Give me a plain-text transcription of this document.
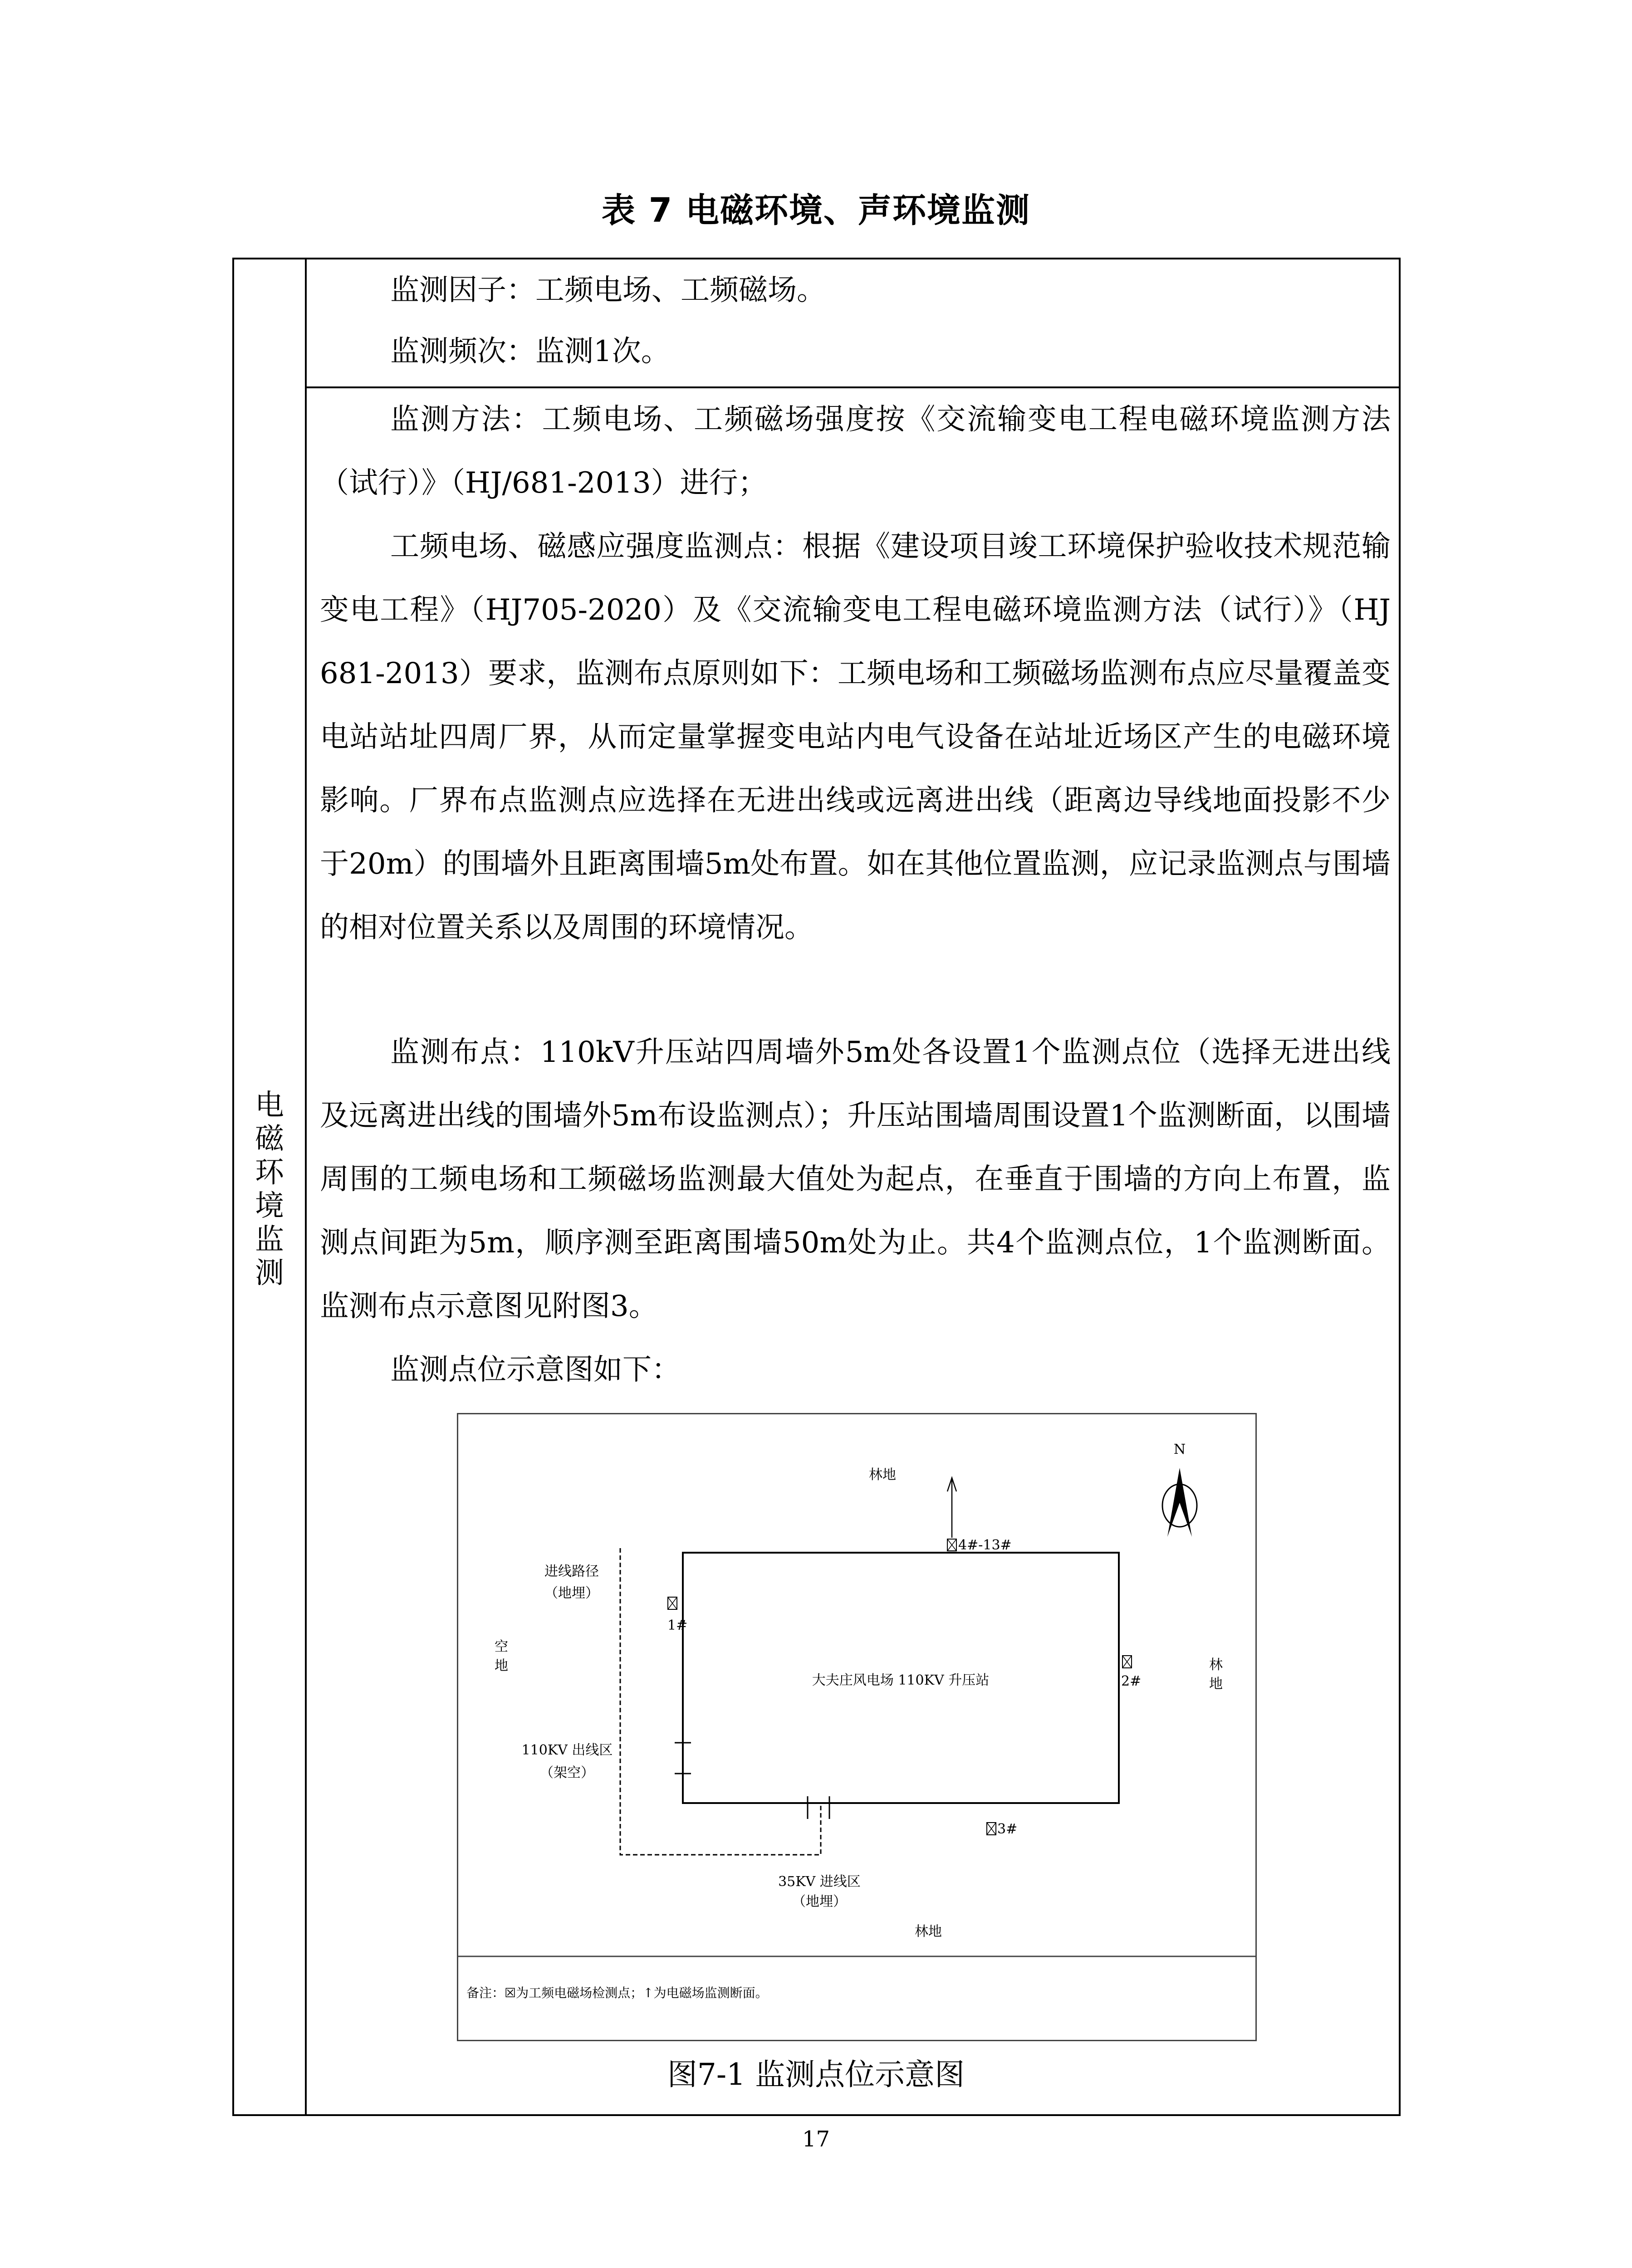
表 7 电磁环境、声环境监测
电
磁
环
境
监
测

监测因子：工频电场、工频磁场。

监测频次：监测1次。

监测方法：工频电场、工频磁场强度按《交流输变电工程电磁环境监测方法（试行）》（HJ/681-2013）进行；

工频电场、磁感应强度监测点：根据《建设项目竣工环境保护验收技术规范输变电工程》（HJ705-2020）及《交流输变电工程电磁环境监测方法（试行）》（HJ 681-2013）要求，监测布点原则如下：工频电场和工频磁场监测布点应尽量覆盖变电站站址四周厂界，从而定量掌握变电站内电气设备在站址近场区产生的电磁环境影响。厂界布点监测点应选择在无进出线或远离进出线（距离边导线地面投影不少于20m）的围墙外且距离围墙5m处布置。如在其他位置监测，应记录监测点与围墙的相对位置关系以及周围的环境情况。

监测布点：110kV升压站四周墙外5m处各设置1个监测点位（选择无进出线及远离进出线的围墙外5m布设监测点）；升压站围墙周围设置1个监测断面，以围墙周围的工频电场和工频磁场监测最大值处为起点，在垂直于围墙的方向上布置，监测点间距为5m，顺序测至距离围墙50m处为止。共4个监测点位，1个监测断面。监测布点示意图见附图3。

监测点位示意图如下：

4#-13#
1#
2#
3#
N
林地
林地
林
地
空
地
进线路径
（地埋）
110KV 出线区
（架空）
35KV 进线区
（地埋）
大夫庄风电场 110KV 升压站
备注：☒为工频电磁场检测点；↑为电磁场监测断面。
图7-1 监测点位示意图
17
